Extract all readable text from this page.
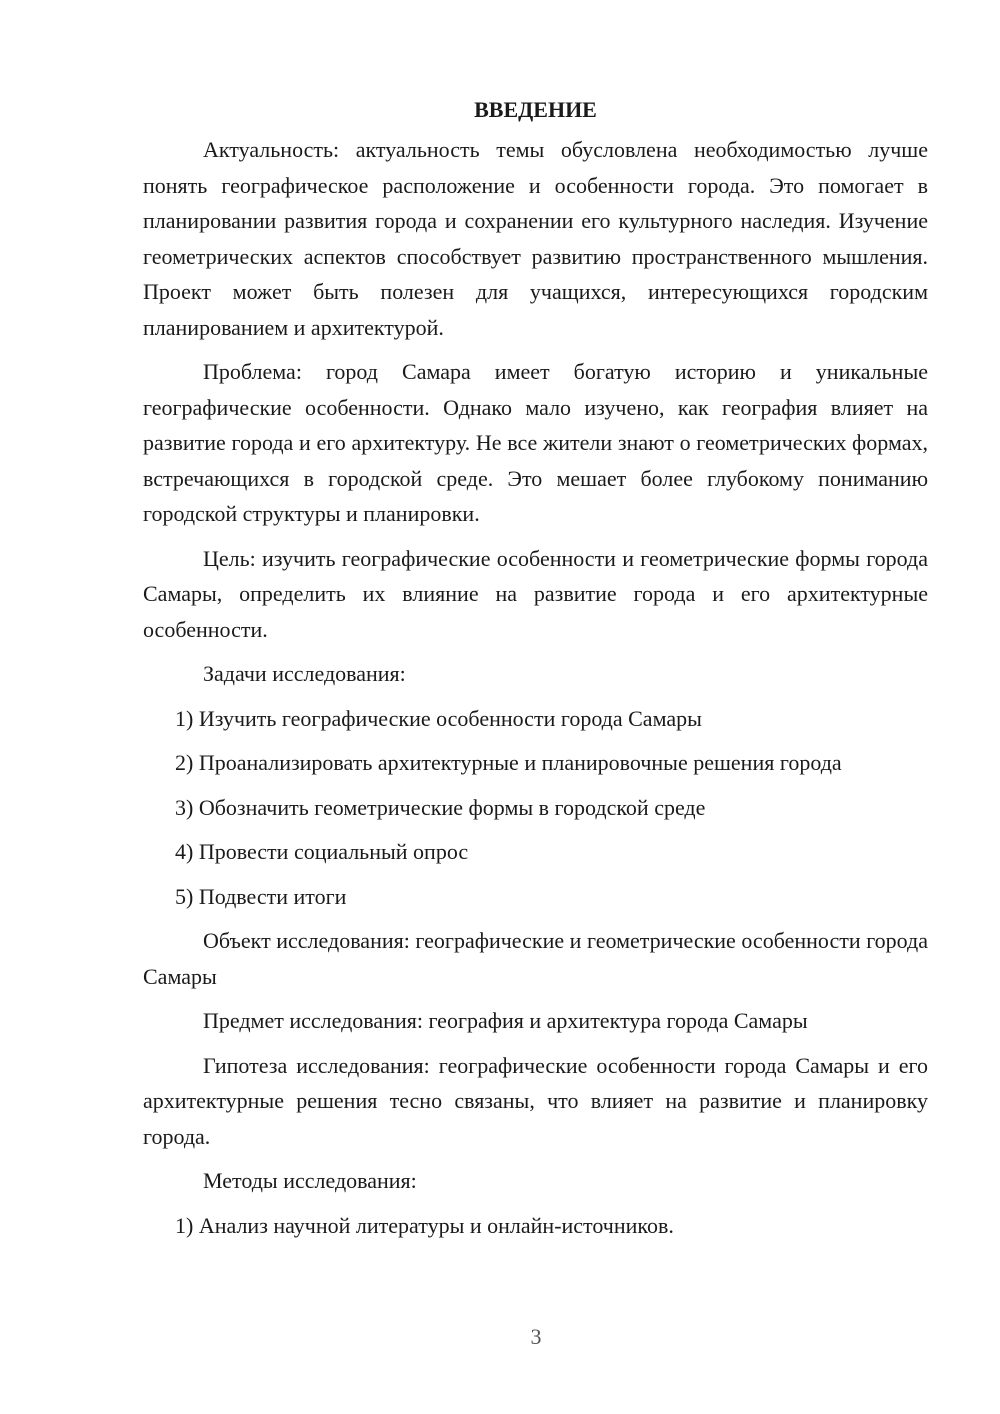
ВВЕДЕНИЕ

Актуальность: актуальность темы обусловлена необходимостью лучше понять географическое расположение и особенности города. Это помогает в планировании развития города и сохранении его культурного наследия. Изучение геометрических аспектов способствует развитию пространственного мышления. Проект может быть полезен для учащихся, интересующихся городским планированием и архитектурой.

Проблема: город Самара имеет богатую историю и уникальные географические особенности. Однако мало изучено, как география влияет на развитие города и его архитектуру. Не все жители знают о геометрических формах, встречающихся в городской среде. Это мешает более глубокому пониманию городской структуры и планировки.

Цель: изучить географические особенности и геометрические формы города Самары, определить их влияние на развитие города и его архитектурные особенности.

Задачи исследования:

1) Изучить географические особенности города Самары

2) Проанализировать архитектурные и планировочные решения города

3) Обозначить геометрические формы в городской среде

4) Провести социальный опрос

5) Подвести итоги

Объект исследования: географические и геометрические особенности города Самары

Предмет исследования: география и архитектура города Самары

Гипотеза исследования: географические особенности города Самары и его архитектурные решения тесно связаны, что влияет на развитие и планировку города.

Методы исследования:

1) Анализ научной литературы и онлайн-источников.

3
